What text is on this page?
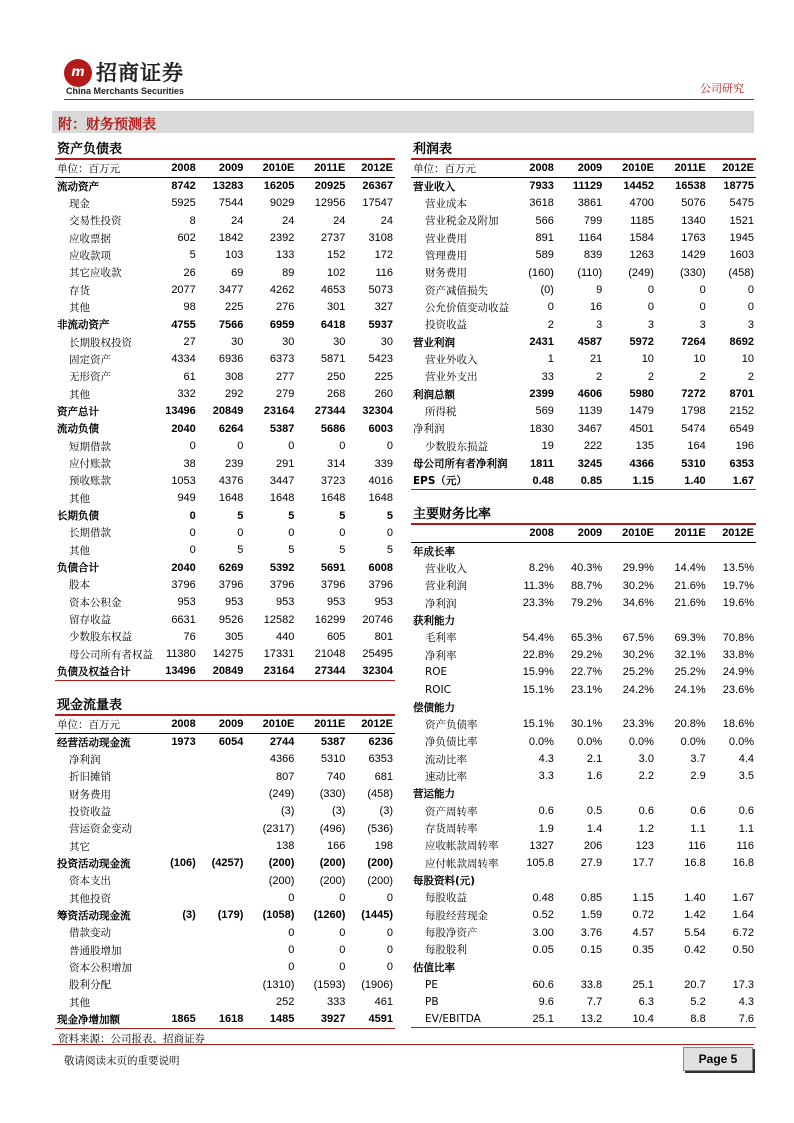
m 招商证券
China Merchants Securities	公司研究
附：财务预测表
资产负债表
单位：百万元	2008	2009	2010E	2011E	2012E
流动资产	8742	13283	16205	20925	26367
现金	5925	7544	9029	12956	17547
交易性投资	8	24	24	24	24
应收票据	602	1842	2392	2737	3108
应收款项	5	103	133	152	172
其它应收款	26	69	89	102	116
存货	2077	3477	4262	4653	5073
其他	98	225	276	301	327
非流动资产	4755	7566	6959	6418	5937
长期股权投资	27	30	30	30	30
固定资产	4334	6936	6373	5871	5423
无形资产	61	308	277	250	225
其他	332	292	279	268	260
资产总计	13496	20849	23164	27344	32304
流动负债	2040	6264	5387	5686	6003
短期借款	0	0	0	0	0
应付账款	38	239	291	314	339
预收账款	1053	4376	3447	3723	4016
其他	949	1648	1648	1648	1648
长期负债	0	5	5	5	5
长期借款	0	0	0	0	0
其他	0	5	5	5	5
负债合计	2040	6269	5392	5691	6008
股本	3796	3796	3796	3796	3796
资本公积金	953	953	953	953	953
留存收益	6631	9526	12582	16299	20746
少数股东权益	76	305	440	605	801
母公司所有者权益	11380	14275	17331	21048	25495
负债及权益合计	13496	20849	23164	27344	32304
利润表
单位：百万元	2008	2009	2010E	2011E	2012E
营业收入	7933	11129	14452	16538	18775
营业成本	3618	3861	4700	5076	5475
营业税金及附加	566	799	1185	1340	1521
营业费用	891	1164	1584	1763	1945
管理费用	589	839	1263	1429	1603
财务费用	(160)	(110)	(249)	(330)	(458)
资产减值损失	(0)	9	0	0	0
公允价值变动收益	0	16	0	0	0
投资收益	2	3	3	3	3
营业利润	2431	4587	5972	7264	8692
营业外收入	1	21	10	10	10
营业外支出	33	2	2	2	2
利润总额	2399	4606	5980	7272	8701
所得税	569	1139	1479	1798	2152
净利润	1830	3467	4501	5474	6549
少数股东损益	19	222	135	164	196
母公司所有者净利润	1811	3245	4366	5310	6353
EPS（元）	0.48	0.85	1.15	1.40	1.67
主要财务比率
	2008	2009	2010E	2011E	2012E
年成长率					
营业收入	8.2%	40.3%	29.9%	14.4%	13.5%
营业利润	11.3%	88.7%	30.2%	21.6%	19.7%
净利润	23.3%	79.2%	34.6%	21.6%	19.6%
获利能力					
毛利率	54.4%	65.3%	67.5%	69.3%	70.8%
净利率	22.8%	29.2%	30.2%	32.1%	33.8%
ROE	15.9%	22.7%	25.2%	25.2%	24.9%
ROIC	15.1%	23.1%	24.2%	24.1%	23.6%
偿债能力					
资产负债率	15.1%	30.1%	23.3%	20.8%	18.6%
净负债比率	0.0%	0.0%	0.0%	0.0%	0.0%
流动比率	4.3	2.1	3.0	3.7	4.4
速动比率	3.3	1.6	2.2	2.9	3.5
营运能力					
资产周转率	0.6	0.5	0.6	0.6	0.6
存货周转率	1.9	1.4	1.2	1.1	1.1
应收帐款周转率	1327	206	123	116	116
应付帐款周转率	105.8	27.9	17.7	16.8	16.8
每股资料(元)					
每股收益	0.48	0.85	1.15	1.40	1.67
每股经营现金	0.52	1.59	0.72	1.42	1.64
每股净资产	3.00	3.76	4.57	5.54	6.72
每股股利	0.05	0.15	0.35	0.42	0.50
估值比率					
PE	60.6	33.8	25.1	20.7	17.3
PB	9.6	7.7	6.3	5.2	4.3
EV/EBITDA	25.1	13.2	10.4	8.8	7.6
现金流量表
单位：百万元	2008	2009	2010E	2011E	2012E
经营活动现金流	1973	6054	2744	5387	6236
净利润			4366	5310	6353
折旧摊销			807	740	681
财务费用			(249)	(330)	(458)
投资收益			(3)	(3)	(3)
营运资金变动			(2317)	(496)	(536)
其它			138	166	198
投资活动现金流	(106)	(4257)	(200)	(200)	(200)
资本支出			(200)	(200)	(200)
其他投资			0	0	0
筹资活动现金流	(3)	(179)	(1058)	(1260)	(1445)
借款变动			0	0	0
普通股增加			0	0	0
资本公积增加			0	0	0
股利分配			(1310)	(1593)	(1906)
其他			252	333	461
现金净增加额	1865	1618	1485	3927	4591
资料来源：公司报表、招商证券
敬请阅读末页的重要说明	Page 5
